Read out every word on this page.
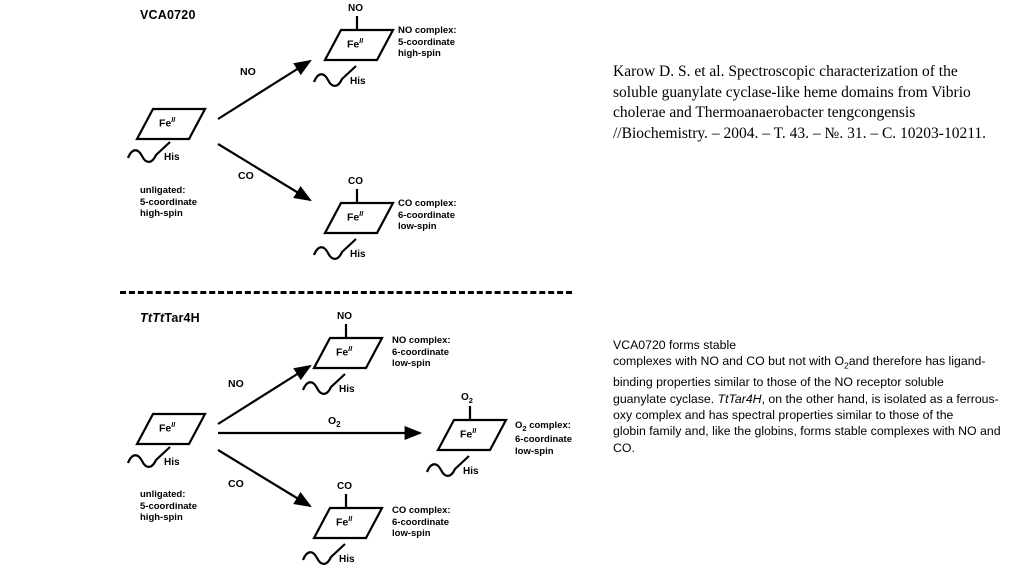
VCA0720
$Fe^{II}$
His
unligated:
5-coordinate
high-spin
NO
NO
$Fe^{II}$
His
NO complex:
5-coordinate
high-spin
CO	CO
$Fe^{II}$
His
CO complex:
6-coordinate
low-spin
TtTtTar4H
$Fe^{II}$
His
unligated:
5-coordinate
high-spin
NO
NO
$Fe^{II}$
His
NO complex:
6-coordinate
low-spin
$O_2$
$O_2$
$Fe^{II}$
His
$O_2$ complex:
6-coordinate
low-spin
CO	CO
$Fe^{II}$
His
CO complex:
6-coordinate
low-spin
Karow D. S. et al. Spectroscopic characterization of the soluble guanylate cyclase-like heme domains from Vibrio cholerae and Thermoanaerobacter tengcongensis //Biochemistry. – 2004. – T. 43. – №. 31. – C. 10203-10211.
VCA0720 forms stable
complexes with NO and CO but not with $O_2and$ therefore has ligand-binding properties similar to those of the NO receptor soluble
guanylate cyclase. TtTar4H, on the other hand, is isolated as a ferrous-oxy complex and has spectral properties similar to those of the
globin family and, like the globins, forms stable complexes with NO and CO.
